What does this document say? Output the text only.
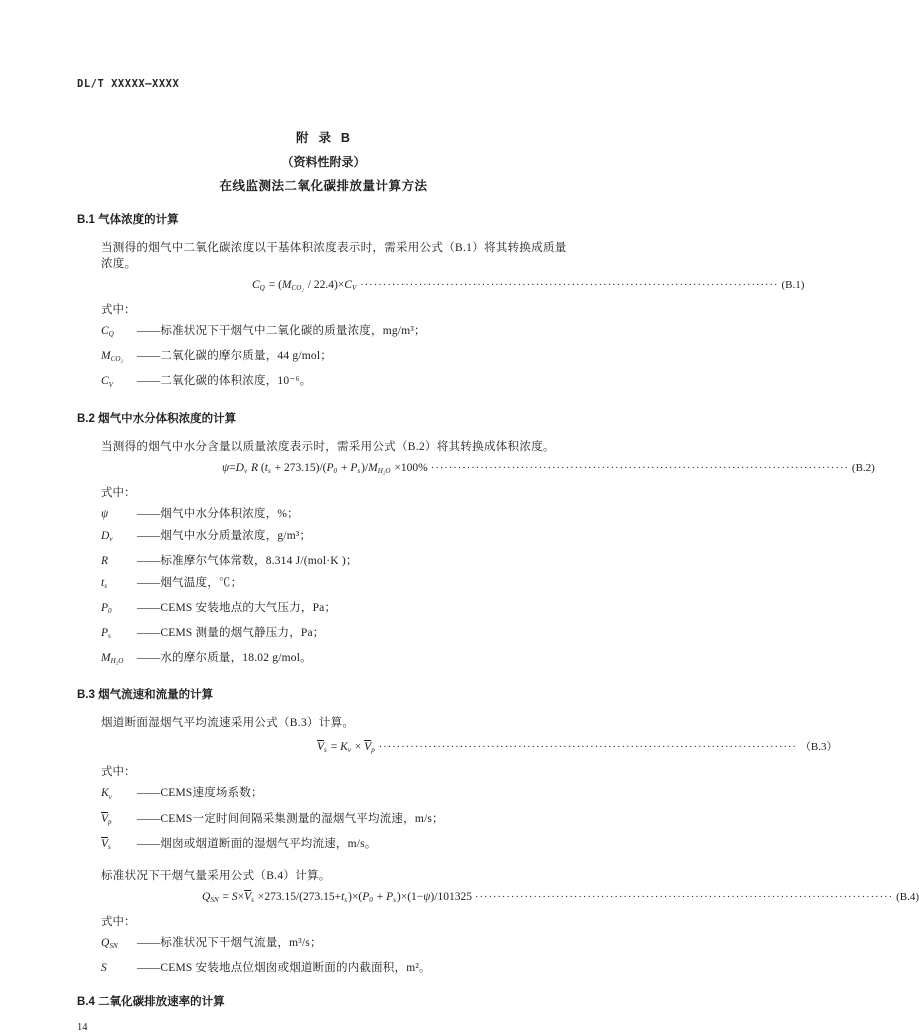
DL/T XXXXX—XXXX
附  录  B
（资料性附录）
在线监测法二氧化碳排放量计算方法
B.1 气体浓度的计算
当测得的烟气中二氧化碳浓度以干基体积浓度表示时，需采用公式（B.1）将其转换成质量浓度。
CQ = (MCO₂ / 22.4)×CV ····························································································· (B.1)
式中：
CQ	——标准状况下干烟气中二氧化碳的质量浓度，mg/m³；
MCO₂	——二氧化碳的摩尔质量，44 g/mol；
CV	——二氧化碳的体积浓度，10⁻⁶。
B.2 烟气中水分体积浓度的计算
当测得的烟气中水分含量以质量浓度表示时，需采用公式（B.2）将其转换成体积浓度。
ψ=Dv R (ts + 273.15)/(P0 + Ps)/MH₂O ×100% ····························································································· (B.2)
式中：
ψ	——烟气中水分体积浓度，%；
Dv	——烟气中水分质量浓度，g/m³；
R	——标准摩尔气体常数，8.314 J/(mol·K )；
ts	——烟气温度，℃；
P0	——CEMS 安装地点的大气压力，Pa；
Ps	——CEMS 测量的烟气静压力，Pa；
MH₂O	——水的摩尔质量，18.02 g/mol。
B.3 烟气流速和流量的计算
烟道断面湿烟气平均流速采用公式（B.3）计算。
$\overline{V}s = Kv \times \overline{V}p$ ····························································································· （B.3）
式中：
Kv	——CEMS速度场系数；
$\overline{V}p$	——CEMS一定时间间隔采集测量的湿烟气平均流速，m/s；
$\overline{V}s$	——烟囱或烟道断面的湿烟气平均流速，m/s。
标准状况下干烟气量采用公式（B.4）计算。
QSN = $S\times\overline{V}s \times 273.15/(273.15+ts)\times(P0 + Ps)\times(1-\psi)/101325$ ····························································································· (B.4)
式中：
QSN	——标准状况下干烟气流量，m³/s；
S	——CEMS 安装地点位烟囱或烟道断面的内截面积，m²。
B.4 二氧化碳排放速率的计算
14
